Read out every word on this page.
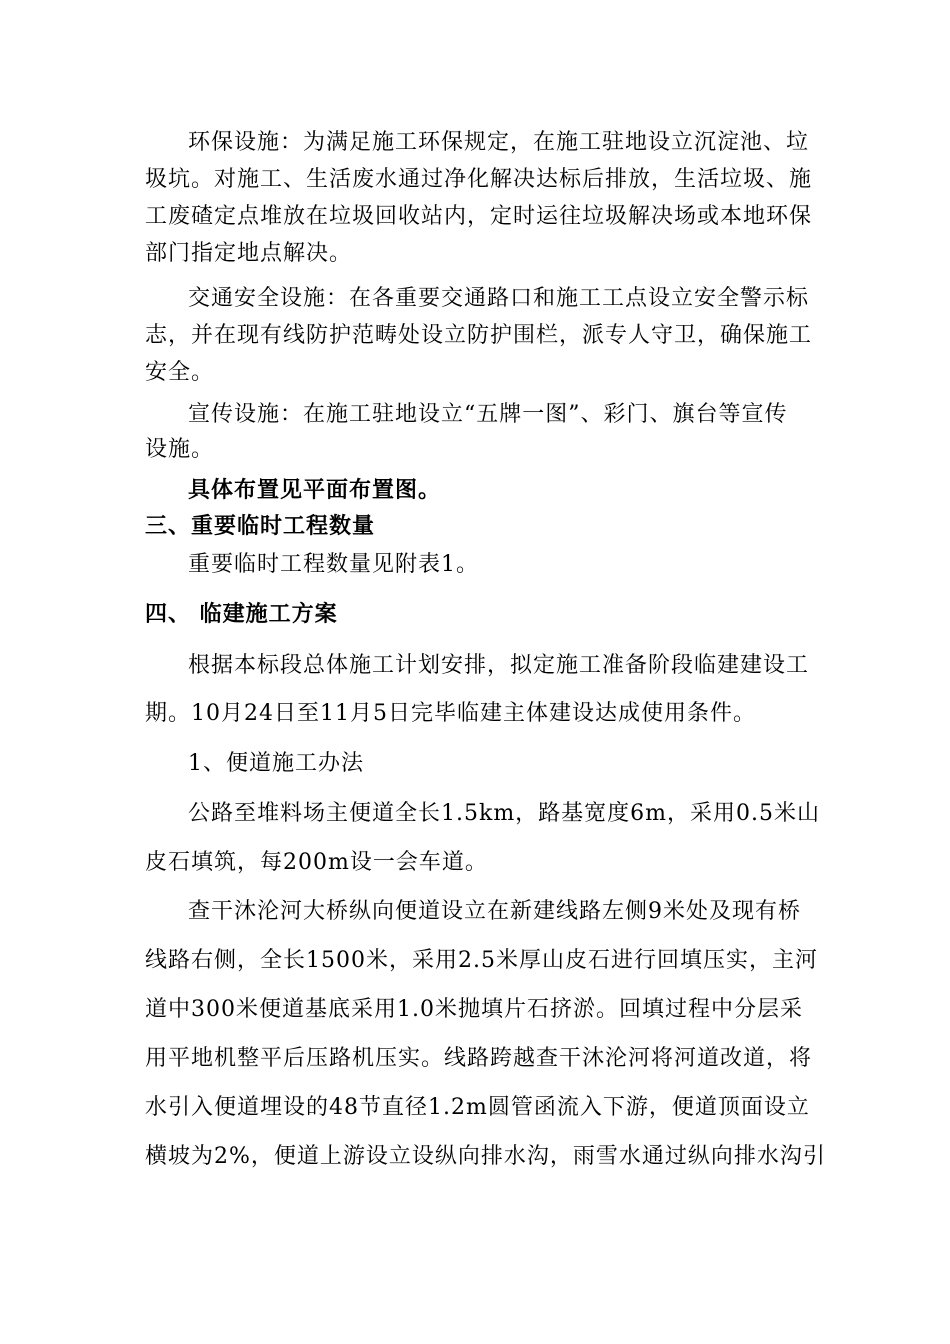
环保设施：为满足施工环保规定，在施工驻地设立沉淀池、垃
圾坑。对施工、生活废水通过净化解决达标后排放，生活垃圾、施
工废碴定点堆放在垃圾回收站内，定时运往垃圾解决场或本地环保
部门指定地点解决。
交通安全设施：在各重要交通路口和施工工点设立安全警示标
志，并在现有线防护范畴处设立防护围栏，派专人守卫，确保施工
安全。
宣传设施：在施工驻地设立“五牌一图”、彩门、旗台等宣传
设施。
具体布置见平面布置图。
三、重要临时工程数量
重要临时工程数量见附表1。
四、 临建施工方案
根据本标段总体施工计划安排，拟定施工准备阶段临建建设工
期。10月24日至11月5日完毕临建主体建设达成使用条件。
1、便道施工办法
公路至堆料场主便道全长1.5km，路基宽度6m，采用0.5米山
皮石填筑，每200m设一会车道。
查干沐沦河大桥纵向便道设立在新建线路左侧9米处及现有桥
线路右侧，全长1500米，采用2.5米厚山皮石进行回填压实，主河
道中300米便道基底采用1.0米抛填片石挤淤。回填过程中分层采
用平地机整平后压路机压实。线路跨越查干沐沦河将河道改道，将
水引入便道埋设的48节直径1.2m圆管函流入下游，便道顶面设立
横坡为2%，便道上游设立设纵向排水沟，雨雪水通过纵向排水沟引
